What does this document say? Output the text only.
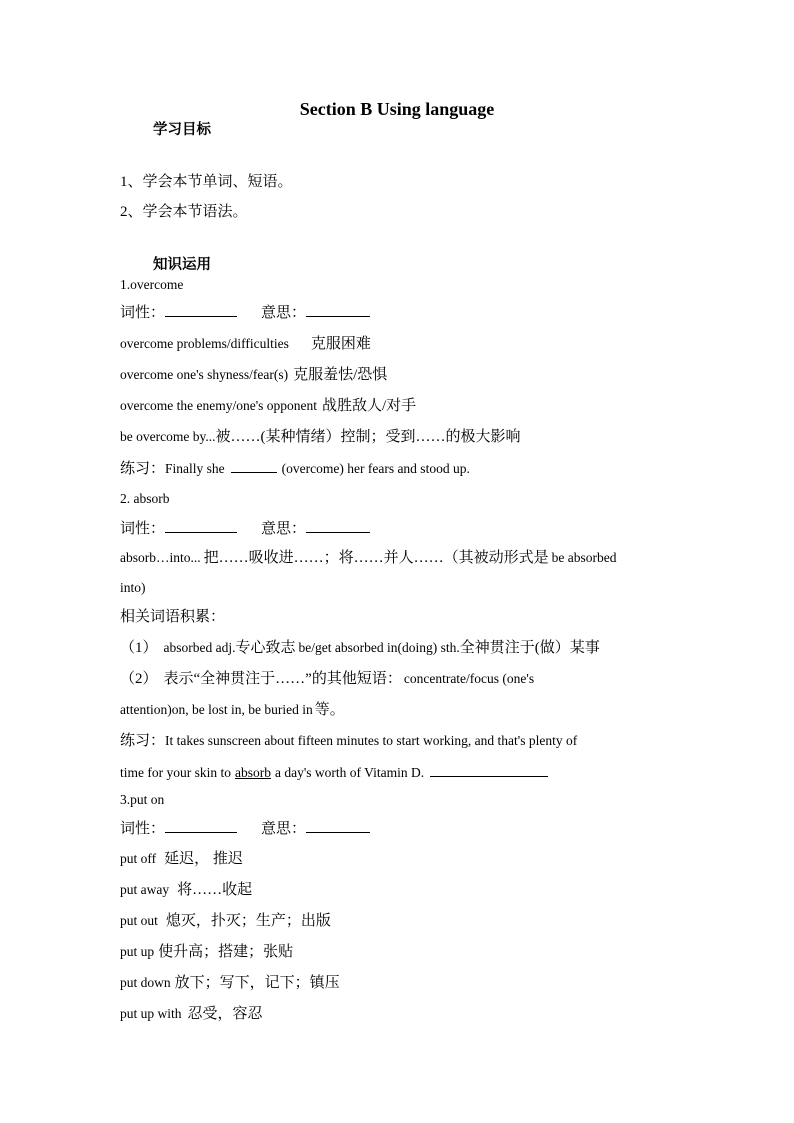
Section B Using language
学习目标
1、学会本节单词、短语。
2、学会本节语法。
知识运用
1.overcome
词性：	意思：
overcome problems/difficulties 克服困难
overcome one's shyness/fear(s) 克服羞怯/恐惧
overcome the enemy/one's opponent 战胜敌人/对手
be overcome by...被……(某种情绪）控制；受到……的极大影响
练习：Finally she	(overcome) her fears and stood up.
2. absorb
词性：	意思：
absorb…into... 把……吸收进……；将……并人……（其被动形式是 be absorbed
into)
相关词语积累：
（1） absorbed adj.专心致志 be/get absorbed in(doing) sth.全神贯注于(做）某事
（2） 表示“全神贯注于……”的其他短语： concentrate/focus (one's
attention)on, be lost in, be buried in 等。
练习：It takes sunscreen about fifteen minutes to start working, and that's plenty of
time for your skin to absorb a day's worth of Vitamin D.
3.put on
词性：	意思：
put off 延迟， 推迟
put away 将……收起
put out 熄灭，扑灭；生产；出版
put up 使升高；搭建；张贴
put down 放下；写下，记下；镇压
put up with 忍受，容忍
